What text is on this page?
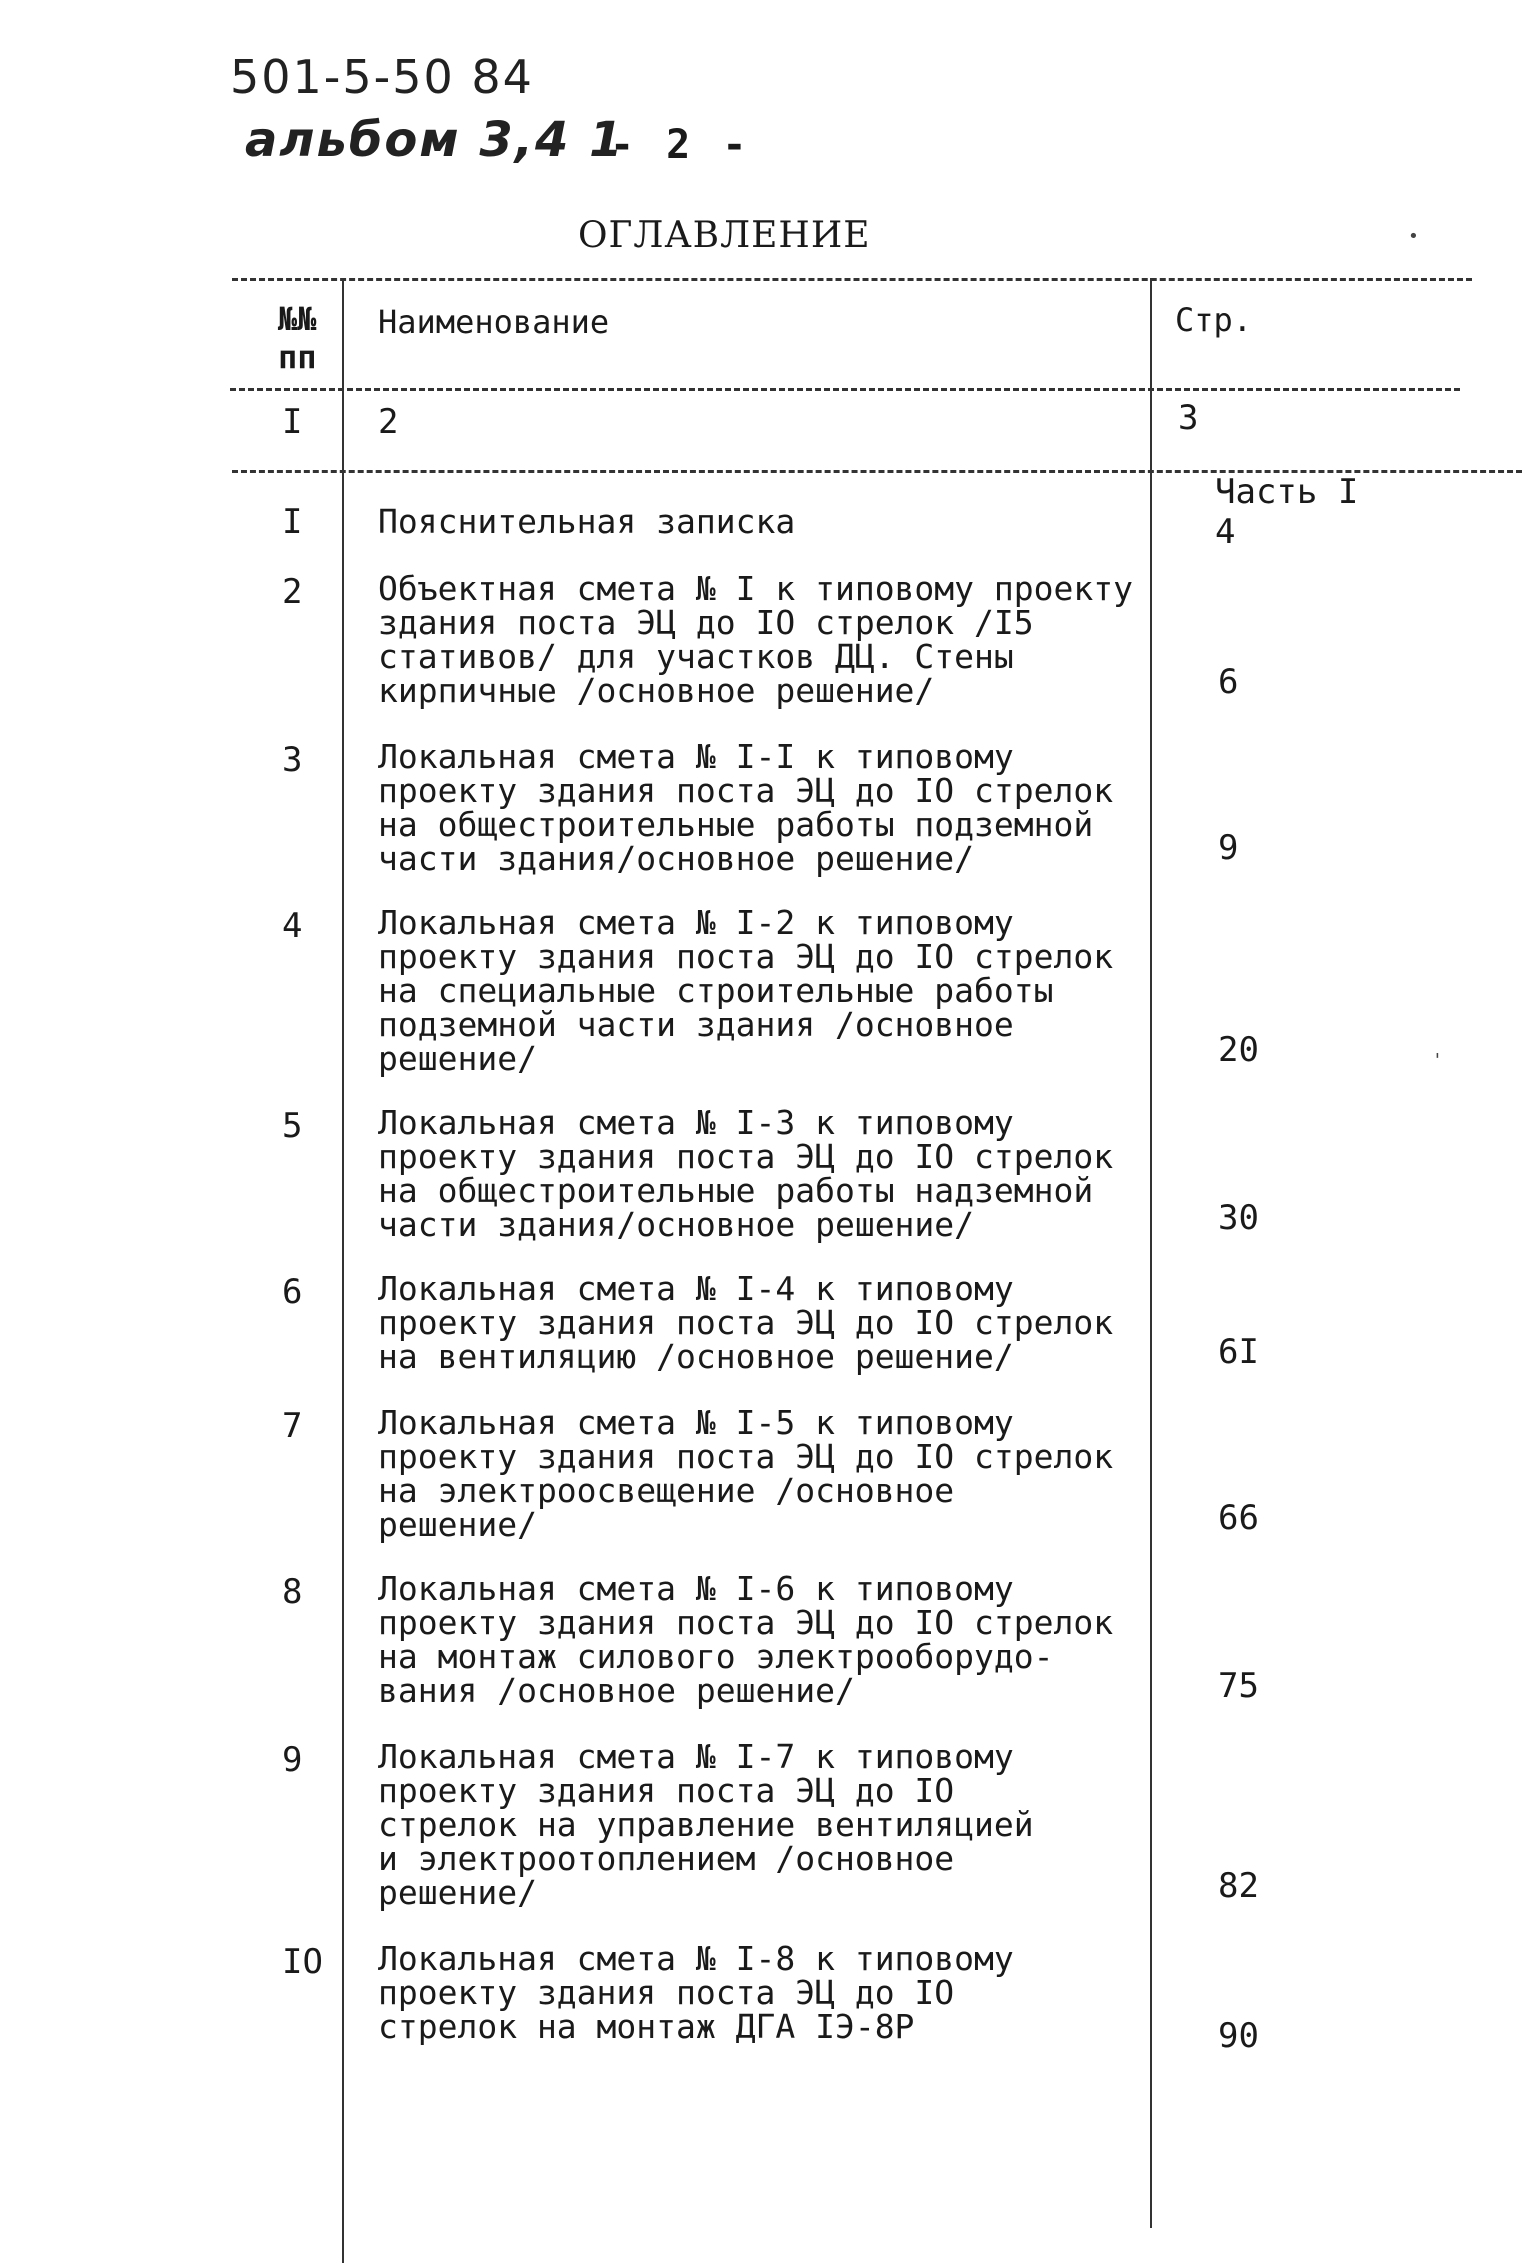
501-5-50 84
альбом 3,4 1
- 2 -
ОГЛАВЛЕНИЕ	•
№№
пп
Наименование	Стр.
I 2	3
Часть I
I Пояснительная записка	4
2 Объектная смета № I к типовому проекту
здания поста ЭЦ до IO стрелок /I5
стативов/ для участков ДЦ. Стены
кирпичные /основное решение/	6
3 Локальная смета № I-I к типовому
проекту здания поста ЭЦ до IO стрелок
на общестроительные работы подземной
части здания/основное решение/	9
4 Локальная смета № I-2 к типовому
проекту здания поста ЭЦ до IO стрелок
на специальные строительные работы
подземной части здания /основное
решение/	20
5 Локальная смета № I-3 к типовому
проекту здания поста ЭЦ до IO стрелок
на общестроительные работы надземной
части здания/основное решение/	30
6 Локальная смета № I-4 к типовому
проекту здания поста ЭЦ до IO стрелок
на вентиляцию /основное решение/	6I
7 Локальная смета № I-5 к типовому
проекту здания поста ЭЦ до IO стрелок
на электроосвещение /основное
решение/	66
8 Локальная смета № I-6 к типовому
проекту здания поста ЭЦ до IO стрелок
на монтаж силового электрооборудо-
вания /основное решение/	75
9 Локальная смета № I-7 к типовому
проекту здания поста ЭЦ до IO
стрелок на управление вентиляцией
и электроотоплением /основное
решение/	82
IO Локальная смета № I-8 к типовому
проекту здания поста ЭЦ до IO
стрелок на монтаж ДГА IЭ-8Р	90
'
